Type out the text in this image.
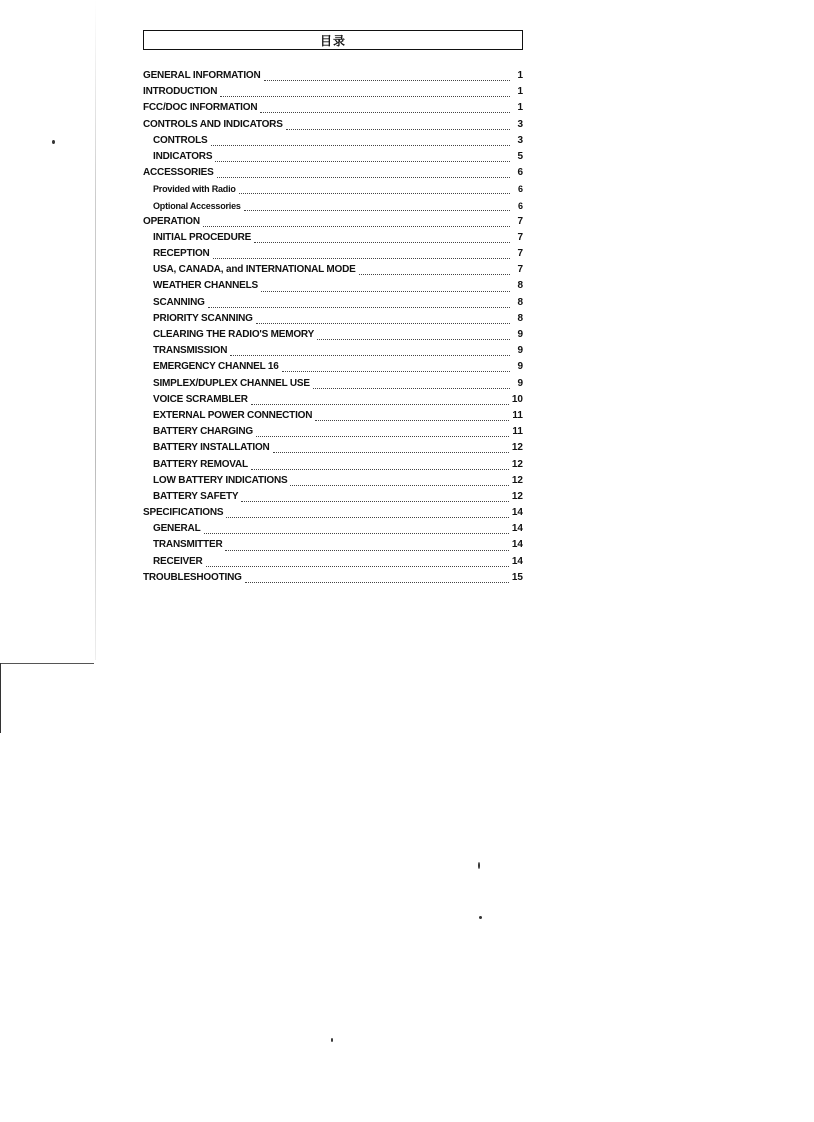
目录
GENERAL INFORMATION	1
INTRODUCTION	1
FCC/DOC INFORMATION	1
CONTROLS AND INDICATORS	3
CONTROLS	3
INDICATORS	5
ACCESSORIES	6
Provided with Radio	6
Optional Accessories	6
OPERATION	7
INITIAL PROCEDURE	7
RECEPTION	7
USA, CANADA, and INTERNATIONAL MODE	7
WEATHER CHANNELS	8
SCANNING	8
PRIORITY SCANNING	8
CLEARING THE RADIO'S MEMORY	9
TRANSMISSION	9
EMERGENCY CHANNEL 16	9
SIMPLEX/DUPLEX CHANNEL USE	9
VOICE SCRAMBLER	10
EXTERNAL POWER CONNECTION	11
BATTERY CHARGING	11
BATTERY INSTALLATION	12
BATTERY REMOVAL	12
LOW BATTERY INDICATIONS	12
BATTERY SAFETY	12
SPECIFICATIONS	14
GENERAL	14
TRANSMITTER	14
RECEIVER	14
TROUBLESHOOTING	15
